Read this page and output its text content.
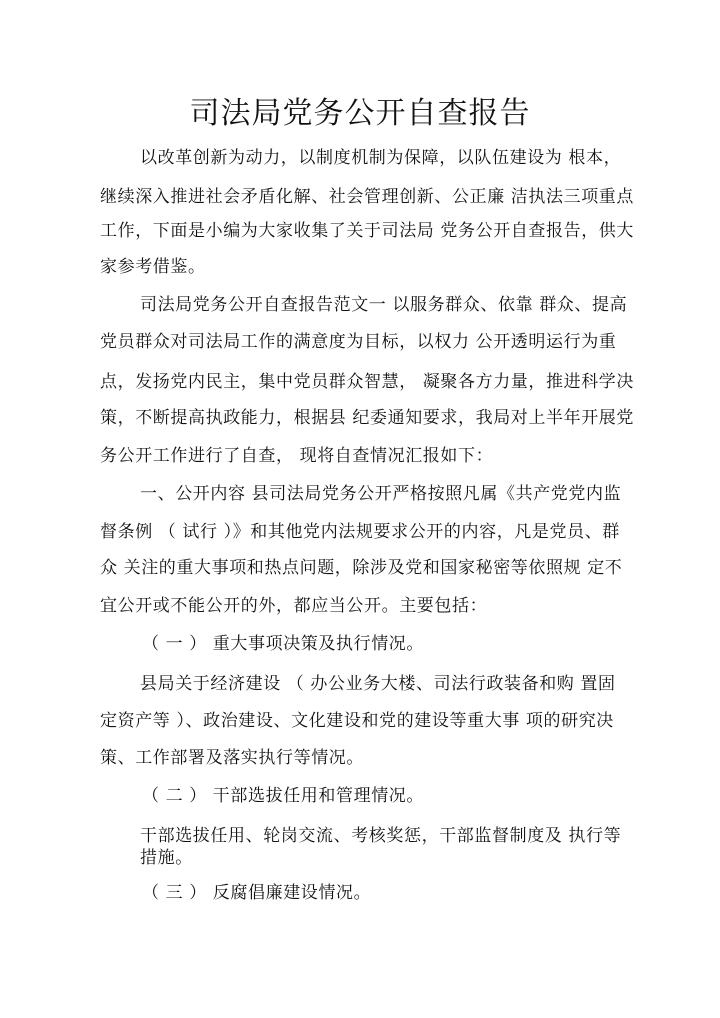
司法局党务公开自查报告
以改革创新为动力，以制度机制为保障，以队伍建设为 根本，
继续深入推进社会矛盾化解、社会管理创新、公正廉 洁执法三项重点
工作，下面是小编为大家收集了关于司法局 党务公开自查报告，供大
家参考借鉴。
司法局党务公开自查报告范文一 以服务群众、依靠 群众、提高
党员群众对司法局工作的满意度为目标，以权力 公开透明运行为重
点，发扬党内民主，集中党员群众智慧， 凝聚各方力量，推进科学决
策，不断提高执政能力，根据县 纪委通知要求，我局对上半年开展党
务公开工作进行了自查， 现将自查情况汇报如下：
一、公开内容 县司法局党务公开严格按照凡属《共产党党内监
督条例 （ 试行 ）》和其他党内法规要求公开的内容，凡是党员、群
众 关注的重大事项和热点问题，除涉及党和国家秘密等依照规 定不
宜公开或不能公开的外，都应当公开。主要包括：
（ 一 ） 重大事项决策及执行情况。
县局关于经济建设 （ 办公业务大楼、司法行政装备和购 置固
定资产等 ）、政治建设、文化建设和党的建设等重大事 项的研究决
策、工作部署及落实执行等情况。
（ 二 ） 干部选拔任用和管理情况。
干部选拔任用、轮岗交流、考核奖惩，干部监督制度及 执行等
措施。
（ 三 ） 反腐倡廉建设情况。
